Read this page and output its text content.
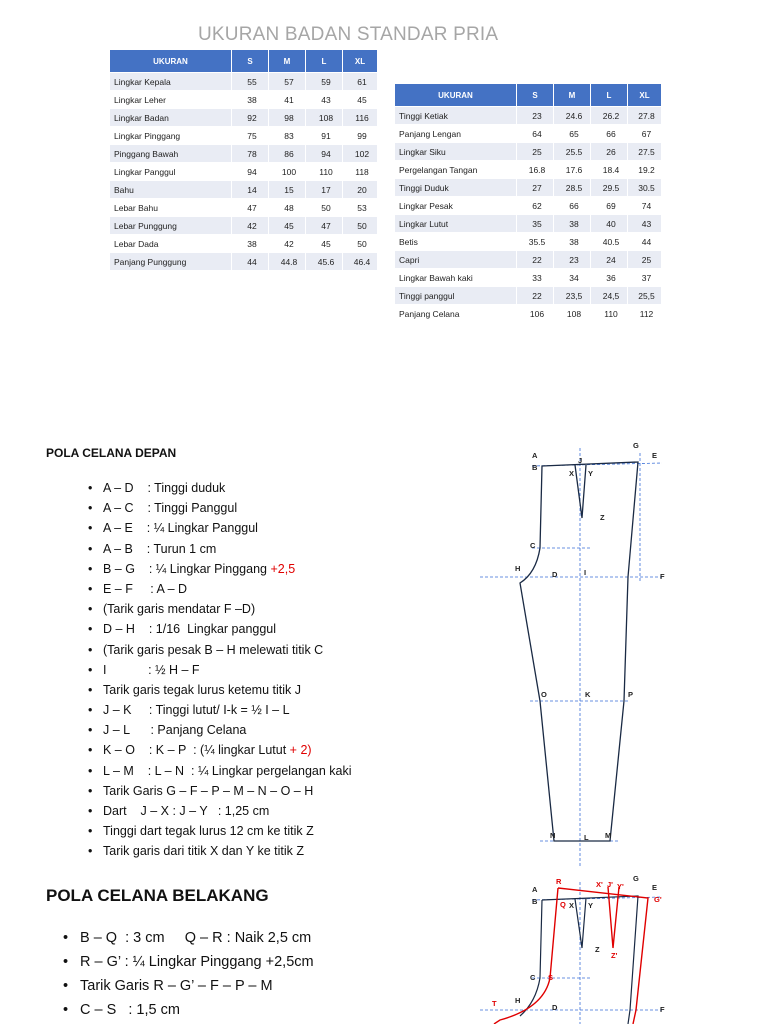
UKURAN BADAN STANDAR PRIA
UKURAN	S	M	L	XL
Lingkar Kepala	55	57	59	61
Lingkar Leher	38	41	43	45
Lingkar Badan	92	98	108	116
Lingkar Pinggang	75	83	91	99
Pinggang Bawah	78	86	94	102
Lingkar Panggul	94	100	110	118
Bahu	14	15	17	20
Lebar Bahu	47	48	50	53
Lebar Punggung	42	45	47	50
Lebar Dada	38	42	45	50
Panjang Punggung	44	44.8	45.6	46.4
UKURAN	S	M	L	XL
Tinggi Ketiak	23	24.6	26.2	27.8
Panjang Lengan	64	65	66	67
Lingkar Siku	25	25.5	26	27.5
Pergelangan Tangan	16.8	17.6	18.4	19.2
Tinggi Duduk	27	28.5	29.5	30.5
Lingkar Pesak	62	66	69	74
Lingkar Lutut	35	38	40	43
Betis	35.5	38	40.5	44
Capri	22	23	24	25
Lingkar Bawah kaki	33	34	36	37
Tinggi panggul	22	23,5	24,5	25,5
Panjang Celana	106	108	110	112
POLA CELANA DEPAN
• A – D    : Tinggi duduk
• A – C    : Tinggi Panggul
• A – E    : ¼ Lingkar Panggul
• A – B    : Turun 1 cm
• B – G    : ¼ Lingkar Pinggang +2,5
• E – F     : A – D
• (Tarik garis mendatar F –D)
• D – H    : 1/16  Lingkar panggul
• (Tarik garis pesak B – H melewati titik C
• I            : ½ H – F
• Tarik garis tegak lurus ketemu titik J
• J – K     : Tinggi lutut/ I-k = ½ I – L
• J – L      : Panjang Celana
• K – O    : K – P  : (¼ lingkar Lutut + 2)
• L – M    : L – N  : ¼ Lingkar pergelangan kaki
• Tarik Garis G – F – P – M – N – O – H
• Dart    J – X : J – Y   : 1,25 cm
• Tinggi dart tegak lurus 12 cm ke titik Z
• Tarik garis dari titik X dan Y ke titik Z
POLA CELANA BELAKANG
• B – Q  : 3 cm     Q – R : Naik 2,5 cm
• R – G’ : ¼ Lingkar Pinggang +2,5cm
• Tarik Garis R – G’ – F – P – M
• C – S   : 1,5 cm
A
B
J
G
E
X Y
Z
C
H
D	I	F
O	K	P
N	L M
A
B	X Y
G
E
Z
C
H
D	F
R
Q
X' J' Y'
G'
Z'
S
T
